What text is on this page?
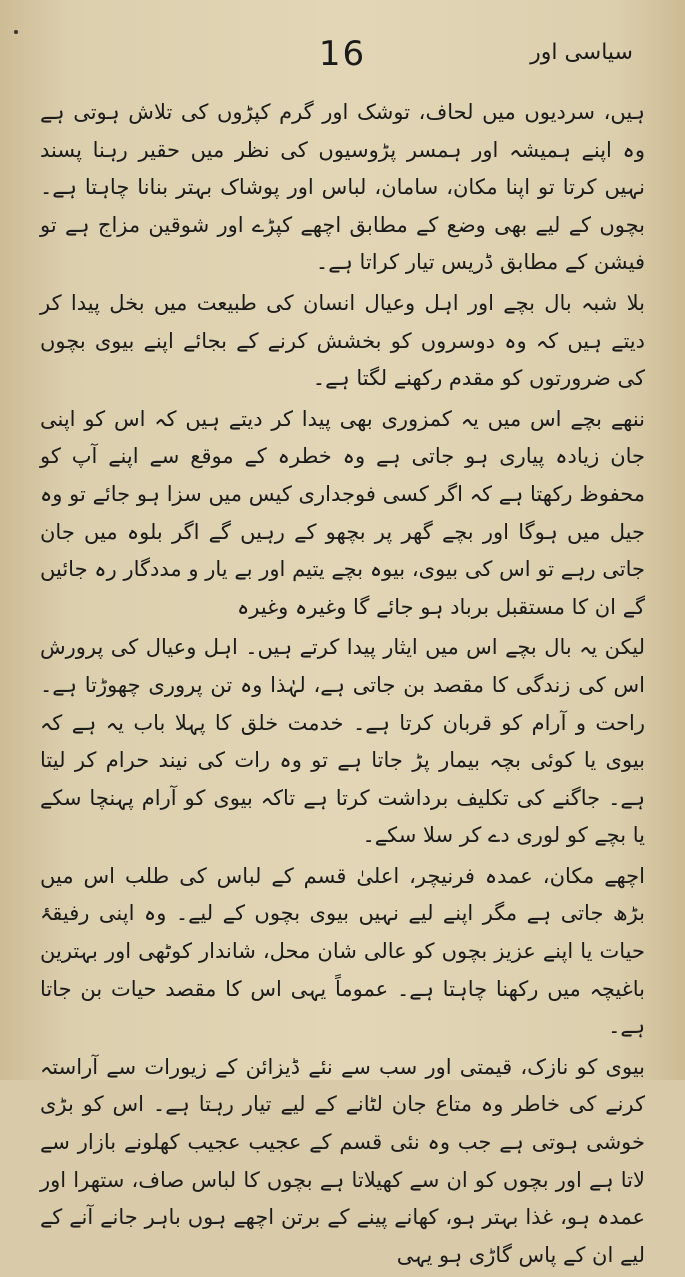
16	سیاسی اور

ہیں، سردیوں میں لحاف، توشک اور گرم کپڑوں کی تلاش ہوتی ہے وہ اپنے ہمیشہ اور ہمسر پڑوسیوں کی نظر میں حقیر رہنا پسند نہیں کرتا تو اپنا مکان، سامان، لباس اور پوشاک بہتر بنانا چاہتا ہے۔ بچوں کے لیے بھی وضع کے مطابق اچھے کپڑے اور شوقین مزاج ہے تو فیشن کے مطابق ڈریس تیار کراتا ہے۔

بلا شبہ بال بچے اور اہل وعیال انسان کی طبیعت میں بخل پیدا کر دیتے ہیں کہ وہ دوسروں کو بخشش کرنے کے بجائے اپنے بیوی بچوں کی ضرورتوں کو مقدم رکھنے لگتا ہے۔

ننھے بچے اس میں یہ کمزوری بھی پیدا کر دیتے ہیں کہ اس کو اپنی جان زیادہ پیاری ہو جاتی ہے وہ خطرہ کے موقع سے اپنے آپ کو محفوظ رکھتا ہے کہ اگر کسی فوجداری کیس میں سزا ہو جائے تو وہ جیل میں ہوگا اور بچے گھر پر بچھو کے رہیں گے اگر بلوہ میں جان جاتی رہے تو اس کی بیوی، بیوہ بچے یتیم اور بے یار و مددگار رہ جائیں گے ان کا مستقبل برباد ہو جائے گا وغیرہ وغیرہ

لیکن یہ بال بچے اس میں ایثار پیدا کرتے ہیں۔ اہل وعیال کی پرورش اس کی زندگی کا مقصد بن جاتی ہے، لہٰذا وہ تن پروری چھوڑتا ہے۔ راحت و آرام کو قربان کرتا ہے۔ خدمت خلق کا پہلا باب یہ ہے کہ بیوی یا کوئی بچہ بیمار پڑ جاتا ہے تو وہ رات کی نیند حرام کر لیتا ہے۔ جاگنے کی تکلیف برداشت کرتا ہے تاکہ بیوی کو آرام پہنچا سکے یا بچے کو لوری دے کر سلا سکے۔

اچھے مکان، عمدہ فرنیچر، اعلیٰ قسم کے لباس کی طلب اس میں بڑھ جاتی ہے مگر اپنے لیے نہیں بیوی بچوں کے لیے۔ وہ اپنی رفیقۂ حیات یا اپنے عزیز بچوں کو عالی شان محل، شاندار کوٹھی اور بہترین باغیچہ میں رکھنا چاہتا ہے۔ عموماً یہی اس کا مقصد حیات بن جاتا ہے۔

بیوی کو نازک، قیمتی اور سب سے نئے ڈیزائن کے زیورات سے آراستہ کرنے کی خاطر وہ متاع جان لٹانے کے لیے تیار رہتا ہے۔ اس کو بڑی خوشی ہوتی ہے جب وہ نئی قسم کے عجیب عجیب کھلونے بازار سے لاتا ہے اور بچوں کو ان سے کھیلاتا ہے بچوں کا لباس صاف، ستھرا اور عمدہ ہو، غذا بہتر ہو، کھانے پینے کے برتن اچھے ہوں باہر جانے آنے کے لیے ان کے پاس گاڑی ہو یہی
